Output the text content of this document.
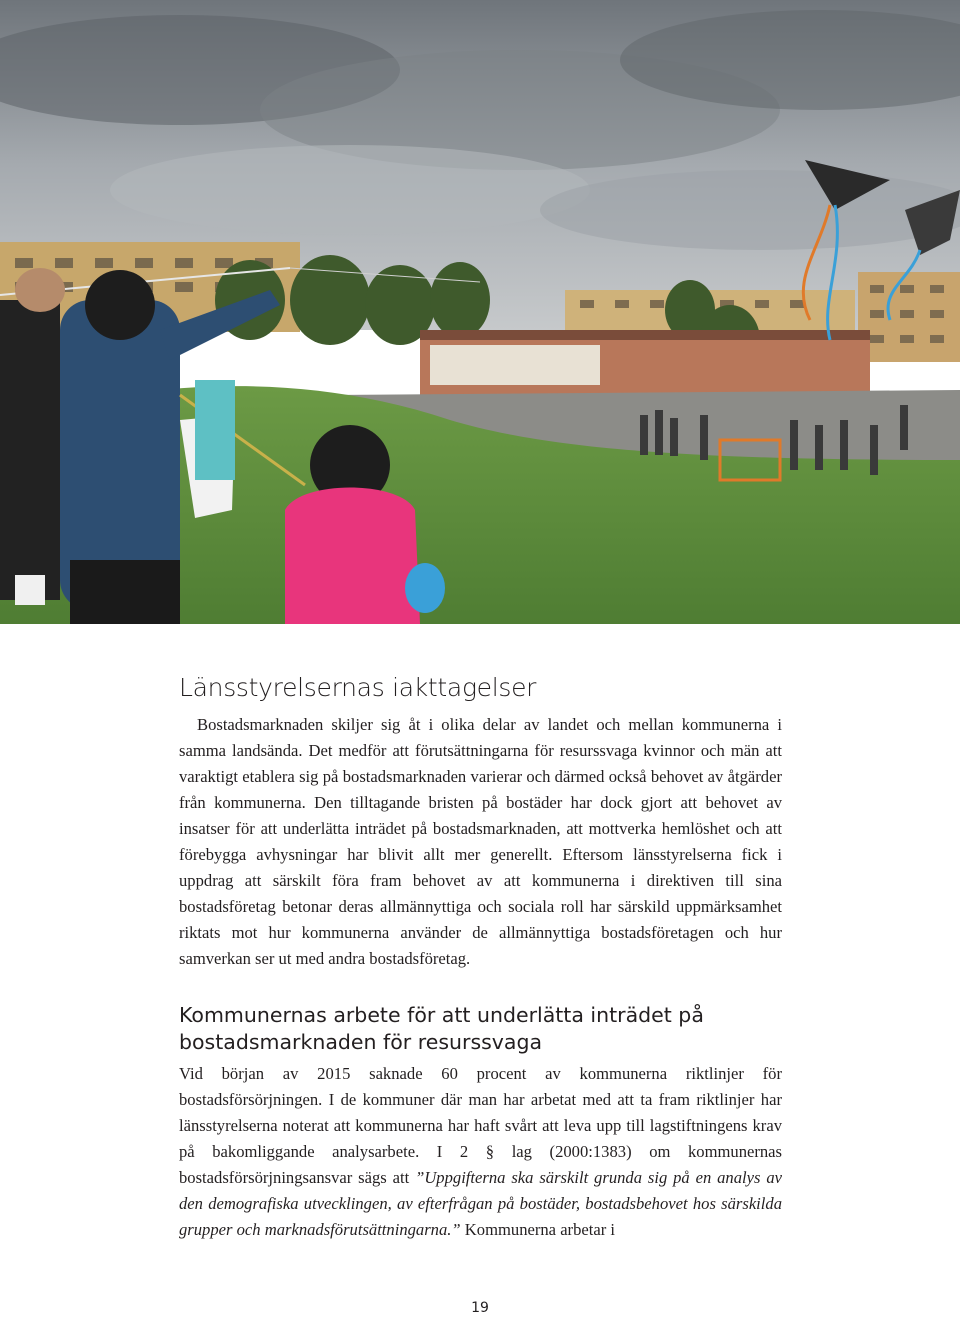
Länsstyrelsernas iakttagelser

Bostadsmarknaden skiljer sig åt i olika delar av landet och mellan kommunerna i samma landsända. Det medför att förutsättningarna för resurssvaga kvinnor och män att varaktigt etablera sig på bostadsmarknaden varierar och därmed också behovet av åtgärder från kommunerna. Den tilltagande bristen på bostäder har dock gjort att behovet av insatser för att underlätta inträdet på bostadsmarknaden, att mottverka hemlöshet och att förebygga avhysningar har blivit allt mer generellt. Eftersom länsstyrelserna fick i uppdrag att särskilt föra fram behovet av att kommunerna i direktiven till sina bostadsföretag betonar deras allmännyttiga och sociala roll har särskild uppmärksamhet riktats mot hur kommunerna använder de allmännyttiga bostadsföretagen och hur samverkan ser ut med andra bostadsföretag.

Kommunernas arbete för att underlätta inträdet på bostadsmarknaden för resurssvaga

Vid början av 2015 saknade 60 procent av kommunerna riktlinjer för bostadsförsörjningen. I de kommuner där man har arbetat med att ta fram riktlinjer har länsstyrelserna noterat att kommunerna har haft svårt att leva upp till lagstiftningens krav på bakomliggande analysarbete. I 2 § lag (2000:1383) om kommunernas bostadsförsörjningsansvar sägs att ”Uppgifterna ska särskilt grunda sig på en analys av den demografiska utvecklingen, av efterfrågan på bostäder, bostadsbehovet hos särskilda grupper och marknadsförutsättningarna.” Kommunerna arbetar i

19
